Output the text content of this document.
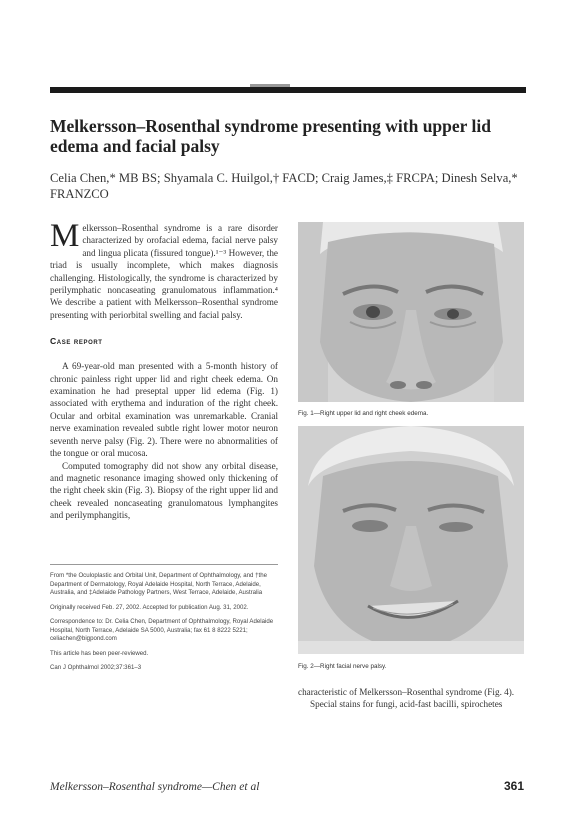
Melkersson–Rosenthal syndrome presenting with upper lid edema and facial palsy
Celia Chen,* MB BS; Shyamala C. Huilgol,† FACD; Craig James,‡ FRCPA; Dinesh Selva,* FRANZCO

Melkersson–Rosenthal syndrome is a rare disorder characterized by orofacial edema, facial nerve palsy and lingua plicata (fissured tongue).¹⁻³ However, the triad is usually incomplete, which makes diagnosis challenging. Histologically, the syndrome is characterized by perilymphatic noncaseating granulomatous inflammation.⁴ We describe a patient with Melkersson–Rosenthal syndrome presenting with periorbital swelling and facial palsy.

Case report

A 69-year-old man presented with a 5-month history of chronic painless right upper lid and right cheek edema. On examination he had preseptal upper lid edema (Fig. 1) associated with erythema and induration of the right cheek. Ocular and orbital examination was unremarkable. Cranial nerve examination revealed subtle right lower motor neuron seventh nerve palsy (Fig. 2). There were no abnormalities of the tongue or oral mucosa.

Computed tomography did not show any orbital disease, and magnetic resonance imaging showed only thickening of the right cheek skin (Fig. 3). Biopsy of the right upper lid and cheek revealed noncaseating granulomatous lymphangites and perilymphangitis,

From *the Oculoplastic and Orbital Unit, Department of Ophthalmology, and †the Department of Dermatology, Royal Adelaide Hospital, North Terrace, Adelaide, Australia, and ‡Adelaide Pathology Partners, West Terrace, Adelaide, Australia

Originally received Feb. 27, 2002. Accepted for publication Aug. 31, 2002.

Correspondence to: Dr. Celia Chen, Department of Ophthalmology, Royal Adelaide Hospital, North Terrace, Adelaide SA 5000, Australia; fax 61 8 8222 5221; celiachen@bigpond.com

This article has been peer-reviewed.

Can J Ophthalmol 2002;37:361–3

Fig. 1—Right upper lid and right cheek edema.

Fig. 2—Right facial nerve palsy.

characteristic of Melkersson–Rosenthal syndrome (Fig. 4).

Special stains for fungi, acid-fast bacilli, spirochetes

Melkersson–Rosenthal syndrome—Chen et al	361
